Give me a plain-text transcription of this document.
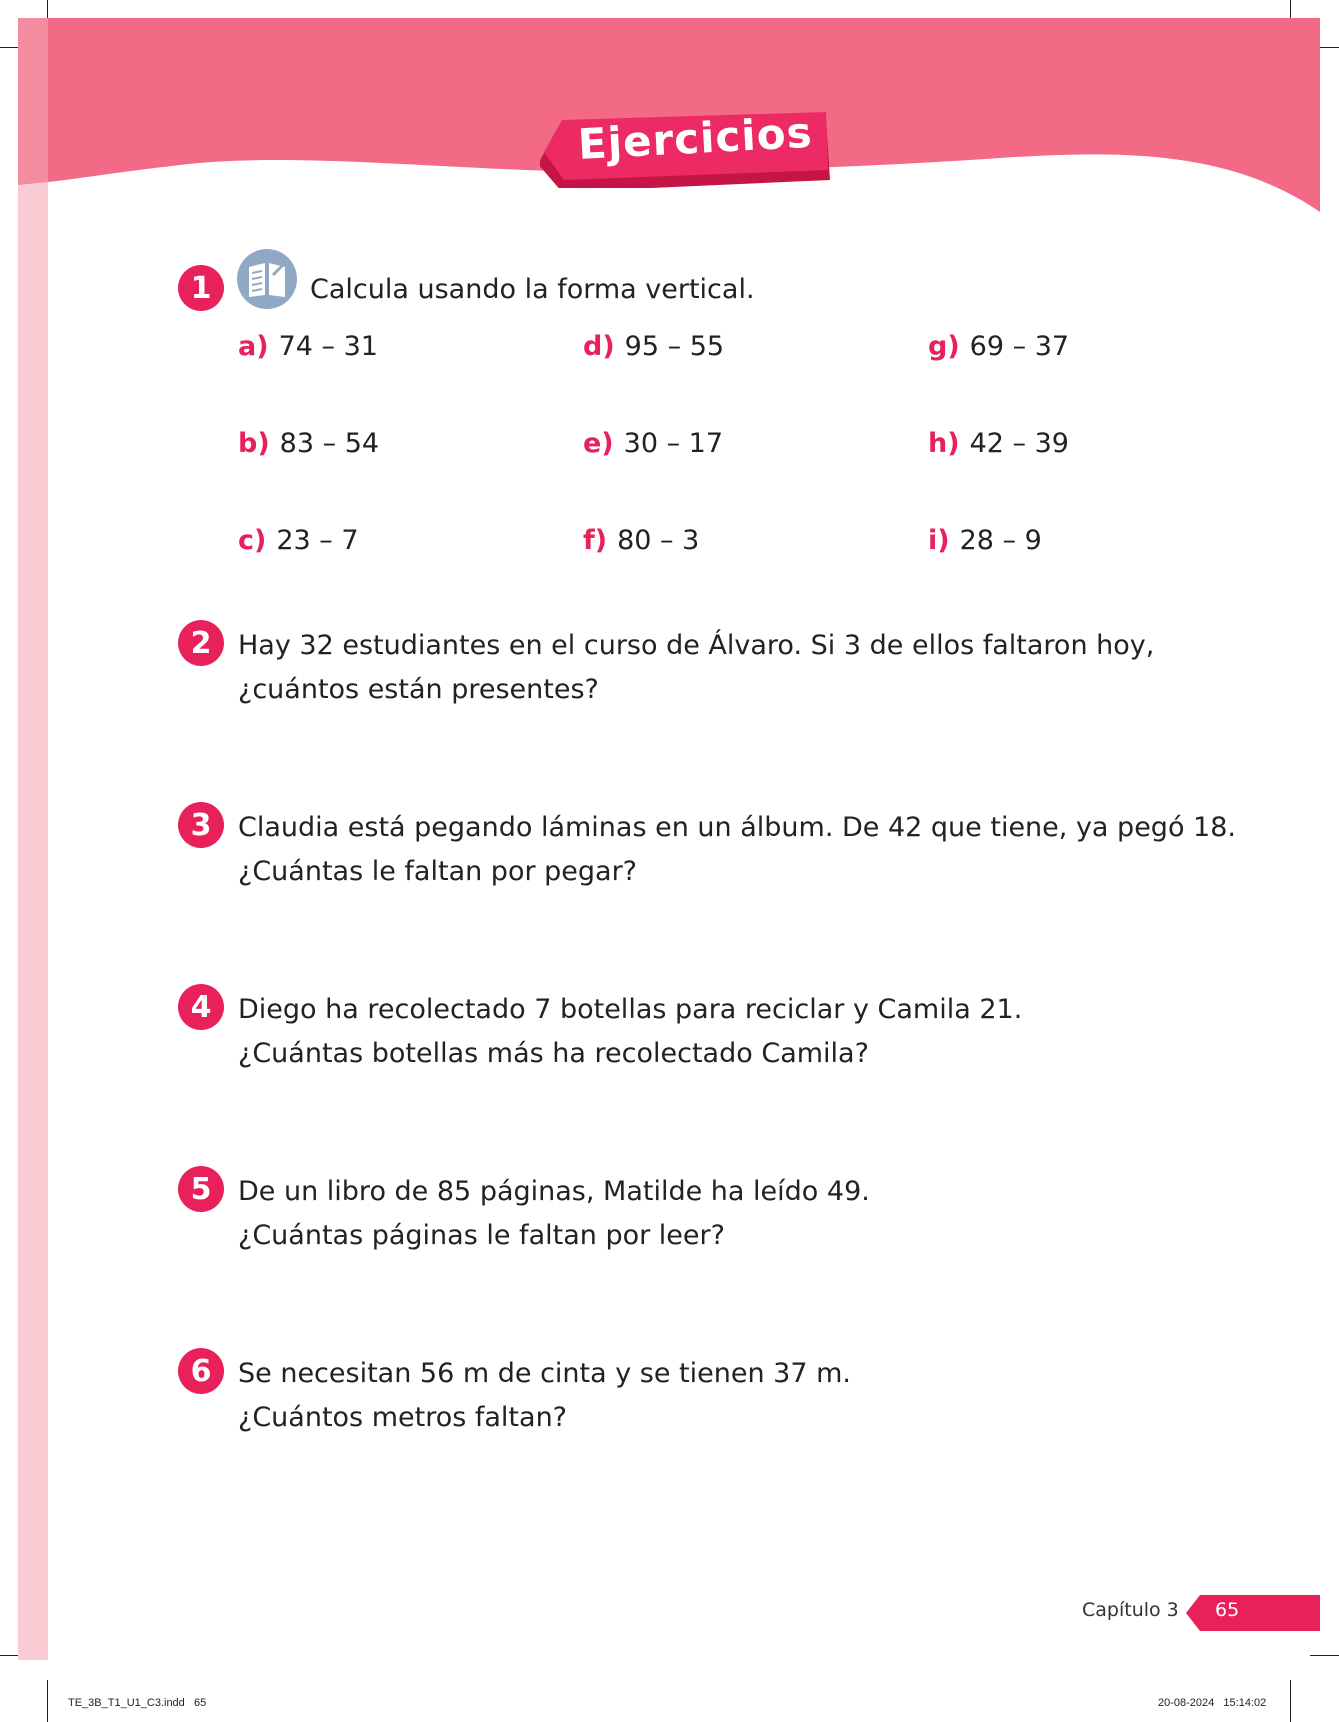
Ejercicios
1	Calcula usando la forma vertical.
a) 74 – 31	d) 95 – 55	g) 69 – 37
b) 83 – 54	e) 30 – 17	h) 42 – 39
c) 23 – 7	f) 80 – 3	i) 28 – 9
2 Hay 32 estudiantes en el curso de Álvaro. Si 3 de ellos faltaron hoy,
¿cuántos están presentes?
3 Claudia está pegando láminas en un álbum. De 42 que tiene, ya pegó 18.
¿Cuántas le faltan por pegar?
4 Diego ha recolectado 7 botellas para reciclar y Camila 21.
¿Cuántas botellas más ha recolectado Camila?
5 De un libro de 85 páginas, Matilde ha leído 49.
¿Cuántas páginas le faltan por leer?
6 Se necesitan 56 m de cinta y se tienen 37 m.
¿Cuántos metros faltan?
Capítulo 3 65
TE_3B_T1_U1_C3.indd   65	20-08-2024   15:14:02
